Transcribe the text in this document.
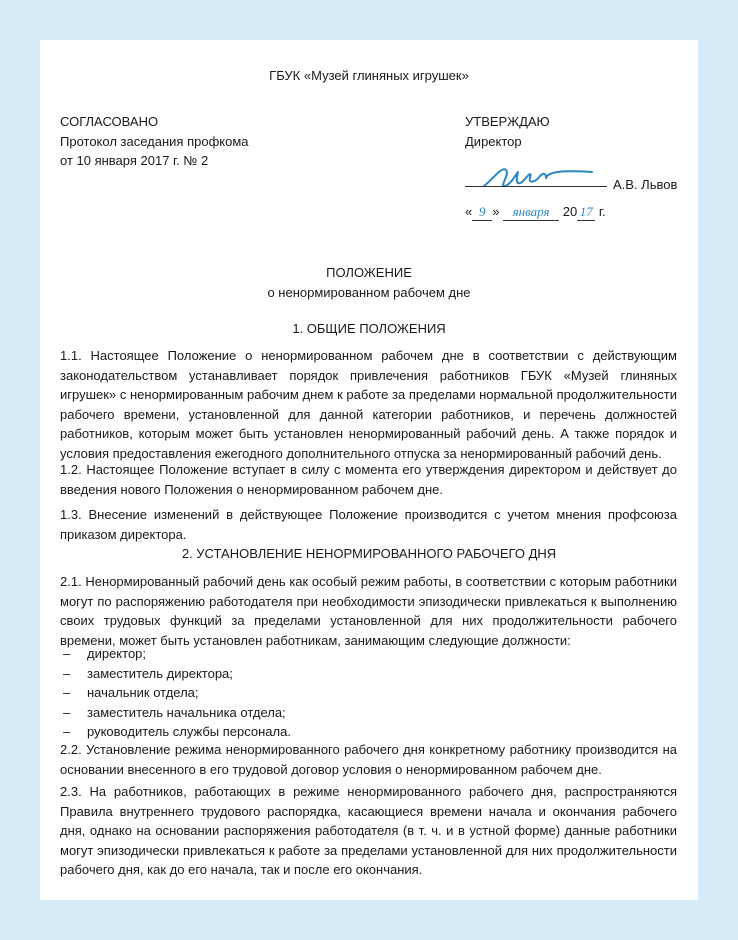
ГБУК «Музей глиняных игрушек»

СОГЛАСОВАНО
Протокол заседания профкома
от 10 января 2017 г. № 2
УТВЕРЖДАЮ
Директор

А.В. Львов

« 9 » января 20 17 г.

ПОЛОЖЕНИЕ

о ненормированном рабочем дне

1. ОБЩИЕ ПОЛОЖЕНИЯ

1.1. Настоящее Положение о ненормированном рабочем дне в соответствии с действующим законодательством устанавливает порядок привлечения работников ГБУК «Музей глиняных игрушек» с ненормированным рабочим днем к работе за пределами нормальной продолжительности рабочего времени, установленной для данной категории работников, и перечень должностей работников, которым может быть установлен ненормированный рабочий день. А также порядок и условия предоставления ежегодного дополнительного отпуска за ненормированный рабочий день.

1.2. Настоящее Положение вступает в силу с момента его утверждения директором и действует до введения нового Положения о ненормированном рабочем дне.

1.3. Внесение изменений в действующее Положение производится с учетом мнения профсоюза приказом директора.

2. УСТАНОВЛЕНИЕ НЕНОРМИРОВАННОГО РАБОЧЕГО ДНЯ

2.1. Ненормированный рабочий день как особый режим работы, в соответствии с которым работники могут по распоряжению работодателя при необходимости эпизодически привлекаться к выполнению своих трудовых функций за пределами установленной для них продолжительности рабочего времени, может быть установлен работникам, занимающим следующие должности:

– директор;
– заместитель директора;
– начальник отдела;
– заместитель начальника отдела;
– руководитель службы персонала.

2.2. Установление режима ненормированного рабочего дня конкретному работнику производится на основании внесенного в его трудовой договор условия о ненормированном рабочем дне.

2.3. На работников, работающих в режиме ненормированного рабочего дня, распространяются Правила внутреннего трудового распорядка, касающиеся времени начала и окончания рабочего дня, однако на основании распоряжения работодателя (в т. ч. и в устной форме) данные работники могут эпизодически привлекаться к работе за пределами установленной для них продолжительности рабочего дня, как до его начала, так и после его окончания.
